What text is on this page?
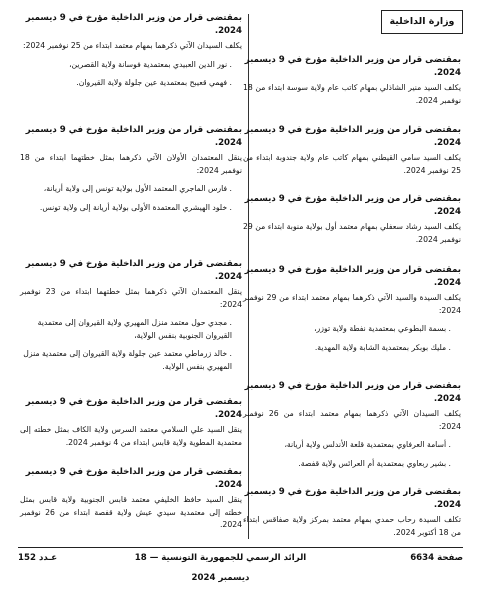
وزارة الداخلية
بمقتضى قرار من وزير الداخلية مؤرخ في 9 ديسمبر 2024.
يكلف السيد منير الشاذلي بمهام كاتب عام ولاية سوسة ابتداء من 18 نوفمبر 2024.
بمقتضى قرار من وزير الداخلية مؤرخ في 9 ديسمبر 2024.
يكلف السيد سامي القيطني بمهام كاتب عام ولاية جندوبة ابتداء من 25 نوفمبر 2024.
بمقتضى قرار من وزير الداخلية مؤرخ في 9 ديسمبر 2024.
يكلف السيد رشاد سعفلي بمهام معتمد أول بولاية منوبة ابتداء من 29 نوفمبر 2024.
بمقتضى قرار من وزير الداخلية مؤرخ في 9 ديسمبر 2024.
يكلف السيدة والسيد الآتي ذكرهما بمهام معتمد ابتداء من 29 نوفمبر 2024:
. بسمة البطوعي بمعتمدية نفطة ولاية توزر،
. مليك بوبكر بمعتمدية الشابة ولاية المهدية.
بمقتضى قرار من وزير الداخلية مؤرخ في 9 ديسمبر 2024.
يكلف السيدان الآتي ذكرهما بمهام معتمد ابتداء من 26 نوفمبر 2024:
. أسامة العرفاوي بمعتمدية قلعة الأندلس ولاية أريانة،
. بشير ربعاوي بمعتمدية أم العرائس ولاية قفصة.
بمقتضى قرار من وزير الداخلية مؤرخ في 9 ديسمبر 2024.
تكلف السيدة رحاب حمدي بمهام معتمد بمركز ولاية صفاقس ابتداء من 18 أكتوبر 2024.
بمقتضى قرار من وزير الداخلية مؤرخ في 9 ديسمبر 2024.
يكلف السيدان الآتي ذكرهما بمهام معتمد ابتداء من 25 نوفمبر 2024:
. نور الدين العبيدي بمعتمدية فوسانة ولاية القصرين،
. فهمي قعيبح بمعتمدية عين جلولة ولاية القيروان.
بمقتضى قرار من وزير الداخلية مؤرخ في 9 ديسمبر 2024.
ينقل المعتمدان الأولان الآتي ذكرهما بمثل خطتهما ابتداء من 18 نوفمبر 2024:
. فارس الماجري المعتمد الأول بولاية تونس إلى ولاية أريانة،
. خلود الهيشري المعتمدة الأولى بولاية أريانة إلى ولاية تونس.
بمقتضى قرار من وزير الداخلية مؤرخ في 9 ديسمبر 2024.
ينقل المعتمدان الآتي ذكرهما بمثل خطتهما ابتداء من 23 نوفمبر 2024:
. مجدي حول معتمد منزل المهيري ولاية القيروان إلى معتمدية القيروان الجنوبية بنفس الولاية،
. خالد زرماطي معتمد عين جلولة ولاية القيروان إلى معتمدية منزل المهيري بنفس الولاية.
بمقتضى قرار من وزير الداخلية مؤرخ في 9 ديسمبر 2024.
ينقل السيد علي السلامي معتمد السرس ولاية الكاف بمثل خطته إلى معتمدية المطوية ولاية قابس ابتداء من 4 نوفمبر 2024.
بمقتضى قرار من وزير الداخلية مؤرخ في 9 ديسمبر 2024.
ينقل السيد حافظ الخليفي معتمد قابس الجنوبية ولاية قابس بمثل خطته إلى معتمدية سيدي عيش ولاية قفصة ابتداء من 26 نوفمبر 2024.
صفحة 6634
الرائد الرسمي للجمهورية التونسية — 18 ديسمبر 2024
عـدد 152
